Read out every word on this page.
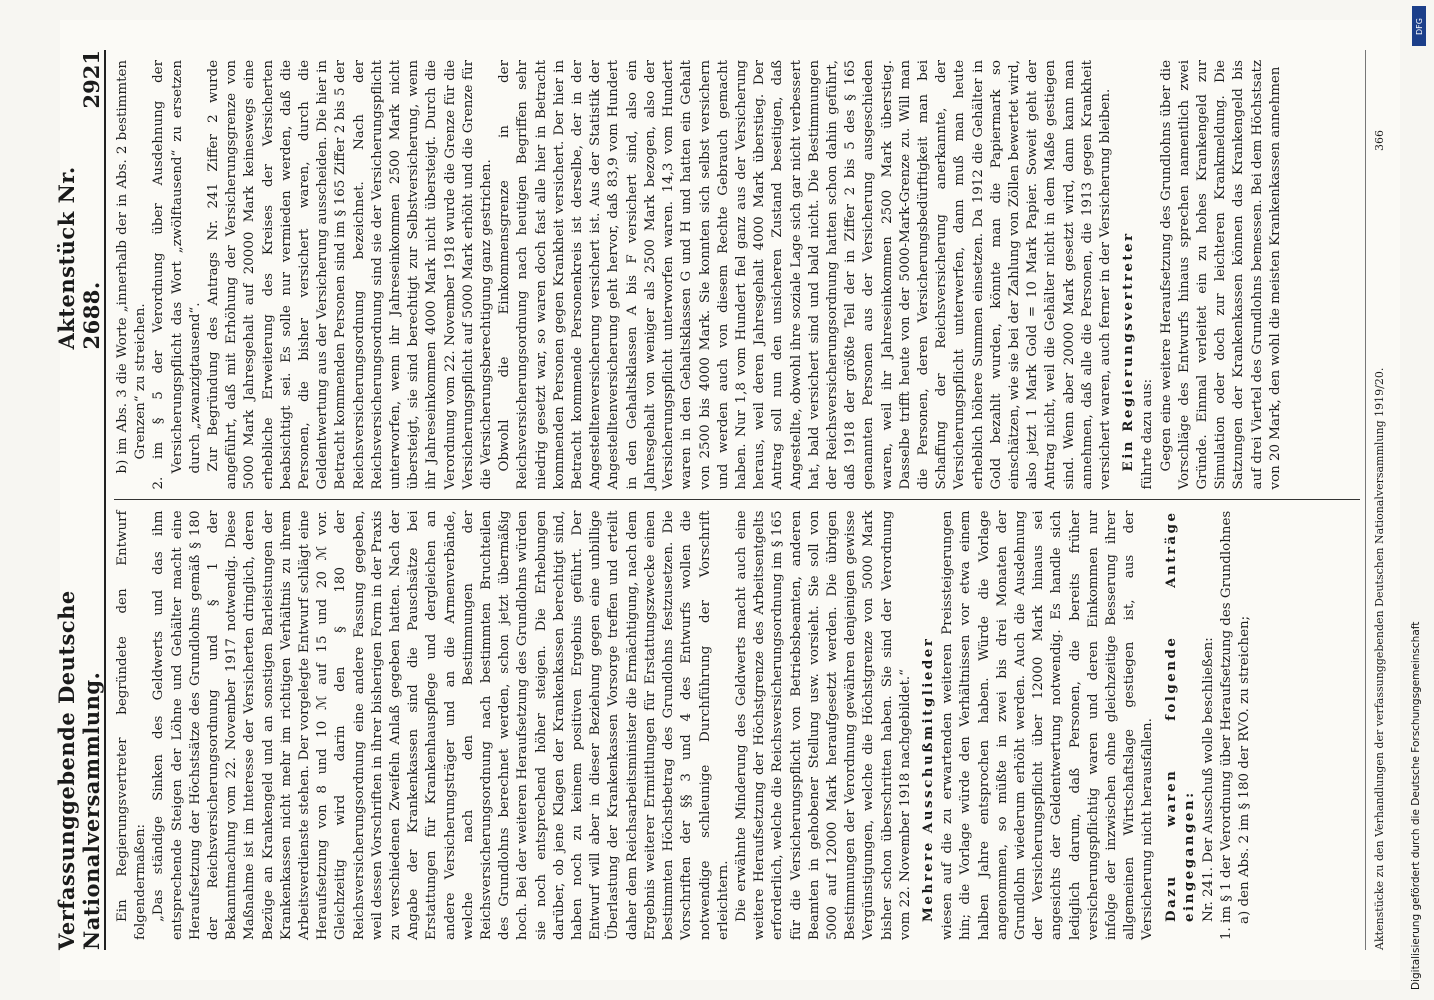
Verfassunggebende Deutsche Nationalversammlung.
Aktenstück Nr. 2688.
2921

Ein Regierungsvertreter begründete den Entwurf folgendermaßen: „Das ständige Sinken des Geldwerts und das ihm entsprechende Steigen der Löhne und Gehälter macht eine Heraufsetzung der Höchstsätze des Grundlohns gemäß § 180 der Reichsversicherungsordnung und § 1 der Bekanntmachung vom 22. November 1917 notwendig. Diese Maßnahme ist im Interesse der Versicherten dringlich, deren Bezüge an Krankengeld und an sonstigen Barleistungen der Krankenkassen nicht mehr im richtigen Verhältnis zu ihrem Arbeitsverdienste stehen. Der vorgelegte Entwurf schlägt eine Heraufsetzung von 8 und 10 ℳ auf 15 und 20 ℳ vor. Gleichzeitig wird darin den § 180 der Reichsversicherungsordnung eine andere Fassung gegeben, weil dessen Vorschriften in ihrer bisherigen Form in der Praxis zu verschiedenen Zweifeln Anlaß gegeben hatten. Nach der Angabe der Krankenkassen sind die Pauschsätze bei Erstattungen für Krankenhauspflege und dergleichen an andere Versicherungsträger und an die Armenverbände, welche nach den Bestimmungen der Reichsversicherungsordnung nach bestimmten Bruchteilen des Grundlohns berechnet werden, schon jetzt übermäßig hoch. Bei der weiteren Heraufsetzung des Grundlohns würden sie noch entsprechend höher steigen. Die Erhebungen darüber, ob jene Klagen der Krankenkassen berechtigt sind, haben noch zu keinem positiven Ergebnis geführt. Der Entwurf will aber in dieser Beziehung gegen eine unbillige Überlastung der Krankenkassen Vorsorge treffen und erteilt daher dem Reichsarbeitsminister die Ermächtigung, nach dem Ergebnis weiterer Ermittlungen für Erstattungszwecke einen bestimmten Höchstbetrag des Grundlohns festzusetzen. Die Vorschriften der §§ 3 und 4 des Entwurfs wollen die notwendige schleunige Durchführung der Vorschrift erleichtern. Die erwähnte Minderung des Geldwerts macht auch eine weitere Heraufsetzung der Höchstgrenze des Arbeitsentgelts erforderlich, welche die Reichsversicherungsordnung im § 165 für die Versicherungspflicht von Betriebsbeamten, anderen Beamten in gehobener Stellung usw. vorsieht. Sie soll von 5000 auf 12000 Mark heraufgesetzt werden. Die übrigen Bestimmungen der Verordnung gewähren denjenigen gewisse Vergünstigungen, welche die Höchstgrenze von 5000 Mark bisher schon überschritten haben. Sie sind der Verordnung vom 22. November 1918 nachgebildet.“ Mehrere Ausschußmitglieder wiesen auf die zu erwartenden weiteren Preissteigerungen hin; die Vorlage würde den Verhältnissen vor etwa einem halben Jahre entsprochen haben. Würde die Vorlage angenommen, so müßte in zwei bis drei Monaten der Grundlohn wiederum erhöht werden. Auch die Ausdehnung der Versicherungspflicht über 12000 Mark hinaus sei angesichts der Geldentwertung notwendig. Es handle sich lediglich darum, daß Personen, die bereits früher versicherungspflichtig waren und deren Einkommen nur infolge der inzwischen ohne gleichzeitige Besserung ihrer allgemeinen Wirtschaftslage gestiegen ist, aus der Versicherung nicht herausfallen. Dazu waren folgende Anträge eingegangen: Nr. 241. Der Ausschuß wolle beschließen: 1. im § 1 der Verordnung über Heraufsetzung des Grundlohnes a) den Abs. 2 im § 180 der RVO. zu streichen;

b) im Abs. 3 die Worte „innerhalb der in Abs. 2 bestimmten Grenzen“ zu streichen. 2. im § 5 der Verordnung über Ausdehnung der Versicherungspflicht das Wort „zwölftausend“ zu ersetzen durch „zwanzigtausend“. Zur Begründung des Antrags Nr. 241 Ziffer 2 wurde angeführt, daß mit Erhöhung der Versicherungsgrenze von 5000 Mark Jahresgehalt auf 20000 Mark keineswegs eine erhebliche Erweiterung des Kreises der Versicherten beabsichtigt sei. Es solle nur vermieden werden, daß die Personen, die bisher versichert waren, durch die Geldentwertung aus der Versicherung ausscheiden. Die hier in Betracht kommenden Personen sind im § 165 Ziffer 2 bis 5 der Reichsversicherungsordnung bezeichnet. Nach der Reichsversicherungsordnung sind sie der Versicherungspflicht unterworfen, wenn ihr Jahreseinkommen 2500 Mark nicht übersteigt, sie sind berechtigt zur Selbstversicherung, wenn ihr Jahreseinkommen 4000 Mark nicht übersteigt. Durch die Verordnung vom 22. November 1918 wurde die Grenze für die Versicherungspflicht auf 5000 Mark erhöht und die Grenze für die Versicherungsberechtigung ganz gestrichen. Obwohl die Einkommensgrenze in der Reichsversicherungsordnung nach heutigen Begriffen sehr niedrig gesetzt war, so waren doch fast alle hier in Betracht kommenden Personen gegen Krankheit versichert. Der hier in Betracht kommende Personenkreis ist derselbe, der in der Angestelltenversicherung versichert ist. Aus der Statistik der Angestelltenversicherung geht hervor, daß 83,9 vom Hundert in den Gehaltsklassen A bis F versichert sind, also ein Jahresgehalt von weniger als 2500 Mark bezogen, also der Versicherungspflicht unterworfen waren. 14,3 vom Hundert waren in den Gehaltsklassen G und H und hatten ein Gehalt von 2500 bis 4000 Mark. Sie konnten sich selbst versichern und werden auch von diesem Rechte Gebrauch gemacht haben. Nur 1,8 vom Hundert fiel ganz aus der Versicherung heraus, weil deren Jahresgehalt 4000 Mark überstieg. Der Antrag soll nun den unsicheren Zustand beseitigen, daß Angestellte, obwohl ihre soziale Lage sich gar nicht verbessert hat, bald versichert sind und bald nicht. Die Bestimmungen der Reichsversicherungsordnung hatten schon dahin geführt, daß 1918 der größte Teil der in Ziffer 2 bis 5 des § 165 genannten Personen aus der Versicherung ausgeschieden waren, weil ihr Jahreseinkommen 2500 Mark überstieg. Dasselbe trifft heute von der 5000-Mark-Grenze zu. Will man die Personen, deren Versicherungsbedürftigkeit man bei Schaffung der Reichsversicherung anerkannte, der Versicherungspflicht unterwerfen, dann muß man heute erheblich höhere Summen einsetzen. Da 1912 die Gehälter in Gold bezahlt wurden, könnte man die Papiermark so einschätzen, wie sie bei der Zahlung von Zöllen bewertet wird, also jetzt 1 Mark Gold = 10 Mark Papier. Soweit geht der Antrag nicht, weil die Gehälter nicht in dem Maße gestiegen sind. Wenn aber 20000 Mark gesetzt wird, dann kann man annehmen, daß alle die Personen, die 1913 gegen Krankheit versichert waren, auch ferner in der Versicherung bleiben. Ein Regierungsvertreter führte dazu aus: Gegen eine weitere Heraufsetzung des Grundlohns über die Vorschläge des Entwurfs hinaus sprechen namentlich zwei Gründe. Einmal verleitet ein zu hohes Krankengeld zur Simulation oder doch zur leichteren Krankmeldung. Die Satzungen der Krankenkassen können das Krankengeld bis auf drei Viertel des Grundlohns bemessen. Bei dem Höchstsatz von 20 Mark, den wohl die meisten Krankenkassen annehmen

Aktenstücke zu den Verhandlungen der verfassunggebenden Deutschen Nationalversammlung 1919/20.
366
DFG
Digitalisierung gefördert durch die Deutsche Forschungsgemeinschaft
